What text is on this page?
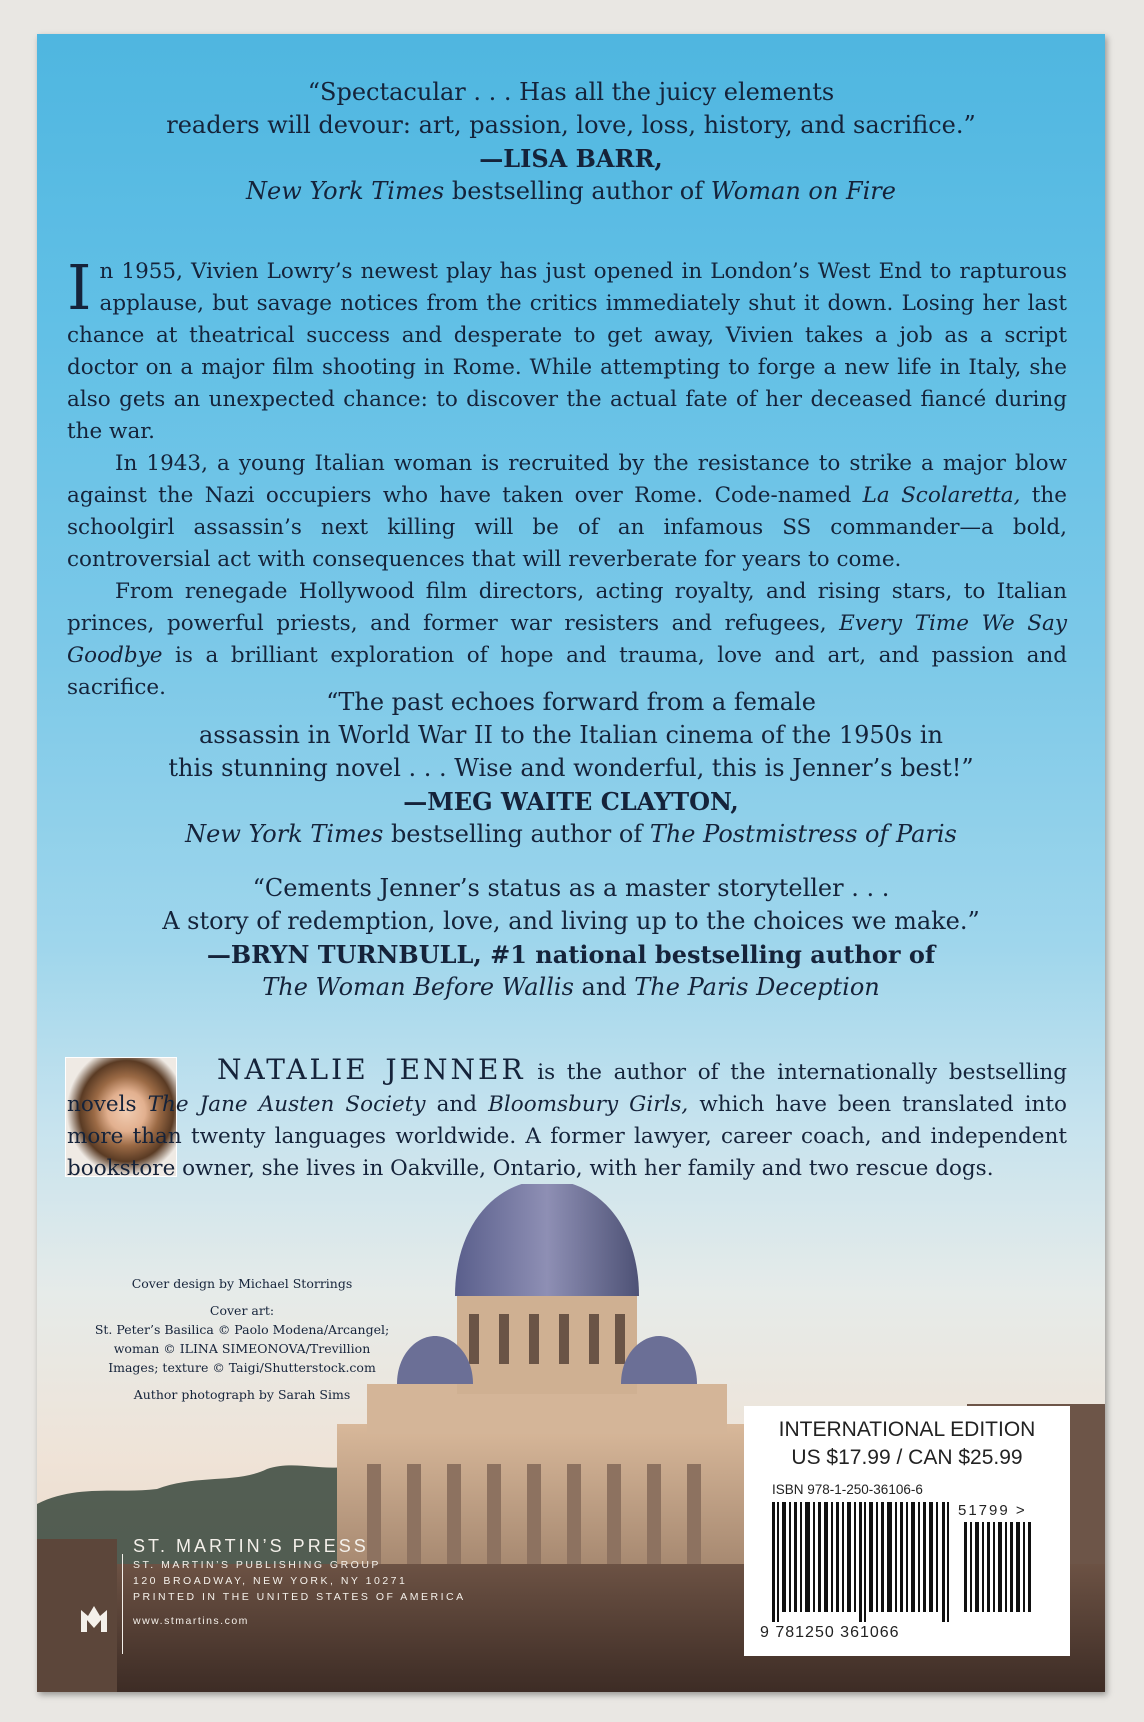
“Spectacular . . . Has all the juicy elements
readers will devour: art, passion, love, loss, history, and sacrifice.”
—LISA BARR,
New York Times bestselling author of Woman on Fire

In 1955, Vivien Lowry’s newest play has just opened in London’s West End to rapturous applause, but savage notices from the critics immediately shut it down. Losing her last chance at theatrical success and desperate to get away, Vivien takes a job as a script doctor on a major film shooting in Rome. While attempting to forge a new life in Italy, she also gets an unexpected chance: to discover the actual fate of her deceased fiancé during the war.

In 1943, a young Italian woman is recruited by the resistance to strike a major blow against the Nazi occupiers who have taken over Rome. Code-named La Scolaretta, the schoolgirl assassin’s next killing will be of an infamous SS commander—a bold, controversial act with consequences that will reverberate for years to come.

From renegade Hollywood film directors, acting royalty, and rising stars, to Italian princes, powerful priests, and former war resisters and refugees, Every Time We Say Goodbye is a brilliant exploration of hope and trauma, love and art, and passion and sacrifice.

“The past echoes forward from a female
assassin in World War II to the Italian cinema of the 1950s in
this stunning novel . . . Wise and wonderful, this is Jenner’s best!”
—MEG WAITE CLAYTON,
New York Times bestselling author of The Postmistress of Paris
“Cements Jenner’s status as a master storyteller . . .
A story of redemption, love, and living up to the choices we make.”
—BRYN TURNBULL, #1 national bestselling author of
The Woman Before Wallis and The Paris Deception
NATALIE JENNER is the author of the internationally bestselling novels The Jane Austen Society and Bloomsbury Girls, which have been translated into more than twenty languages worldwide. A former lawyer, career coach, and independent bookstore owner, she lives in Oakville, Ontario, with her family and two rescue dogs.
Cover design by Michael Storrings
Cover art:
St. Peter’s Basilica © Paolo Modena/Arcangel;
woman © ILINA SIMEONOVA/Trevillion
Images; texture © Taigi/Shutterstock.com
Author photograph by Sarah Sims
ST. MARTIN’S PRESS
ST. MARTIN’S PUBLISHING GROUP
120 BROADWAY, NEW YORK, NY 10271
PRINTED IN THE UNITED STATES OF AMERICA
www.stmartins.com
INTERNATIONAL EDITION
US $17.99 / CAN $25.99
ISBN 978-1-250-36106-6
51799 >
9 781250 361066
